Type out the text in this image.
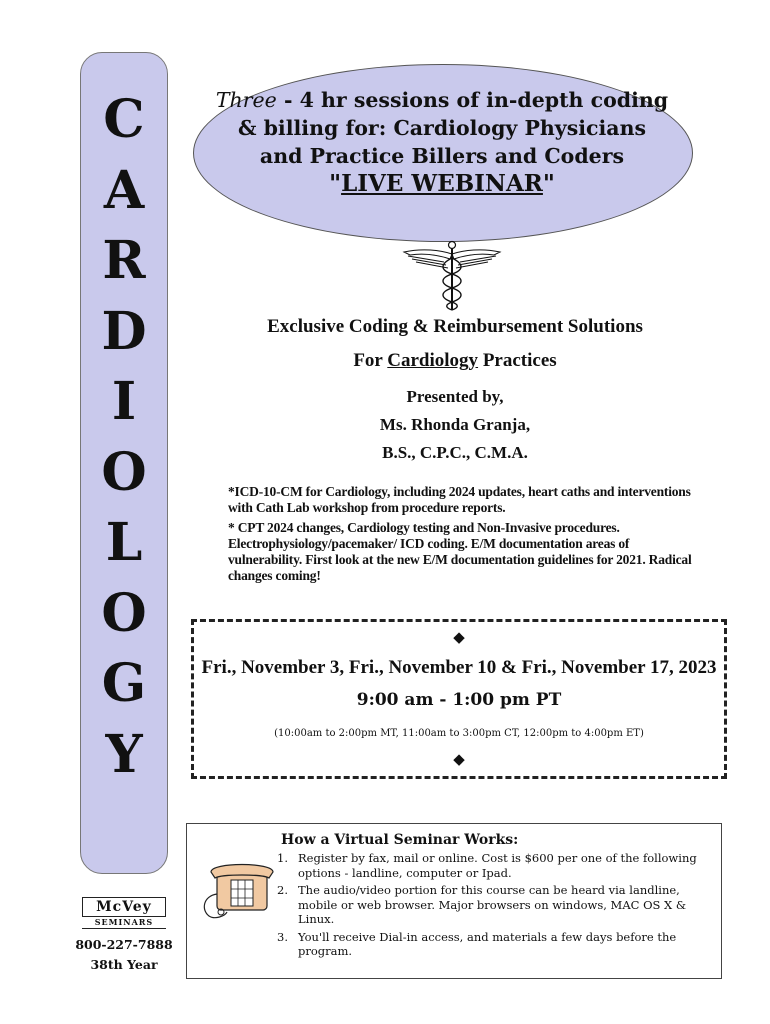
C
A
R
D
I
O
L
O
G
Y
McVey
SEMINARS
800-227-7888
38th Year
Three - 4 hr sessions of in-depth coding
& billing for: Cardiology Physicians
and Practice Billers and Coders
"LIVE WEBINAR"
Exclusive Coding & Reimbursement Solutions
For Cardiology Practices
Presented by,
Ms. Rhonda Granja,
B.S., C.P.C., C.M.A.

*ICD-10-CM for Cardiology, including 2024 updates, heart caths and interventions with Cath Lab workshop from procedure reports.

* CPT 2024 changes, Cardiology testing and Non-Invasive procedures. Electrophysiology/pacemaker/ ICD coding. E/M documentation areas of vulnerability. First look at the new E/M documentation guidelines for 2021. Radical changes coming!

◆
Fri., November 3, Fri., November 10 & Fri., November 17, 2023
9:00 am - 1:00 pm PT
(10:00am to 2:00pm MT, 11:00am to 3:00pm CT, 12:00pm to 4:00pm ET)
◆
How a Virtual Seminar Works:
1. Register by fax, mail or online. Cost is $600 per one of the following options - landline, computer or Ipad.
2. The audio/video portion for this course can be heard via landline, mobile or web browser. Major browsers on windows, MAC OS X & Linux.
3. You'll receive Dial-in access, and materials a few days before the program.
